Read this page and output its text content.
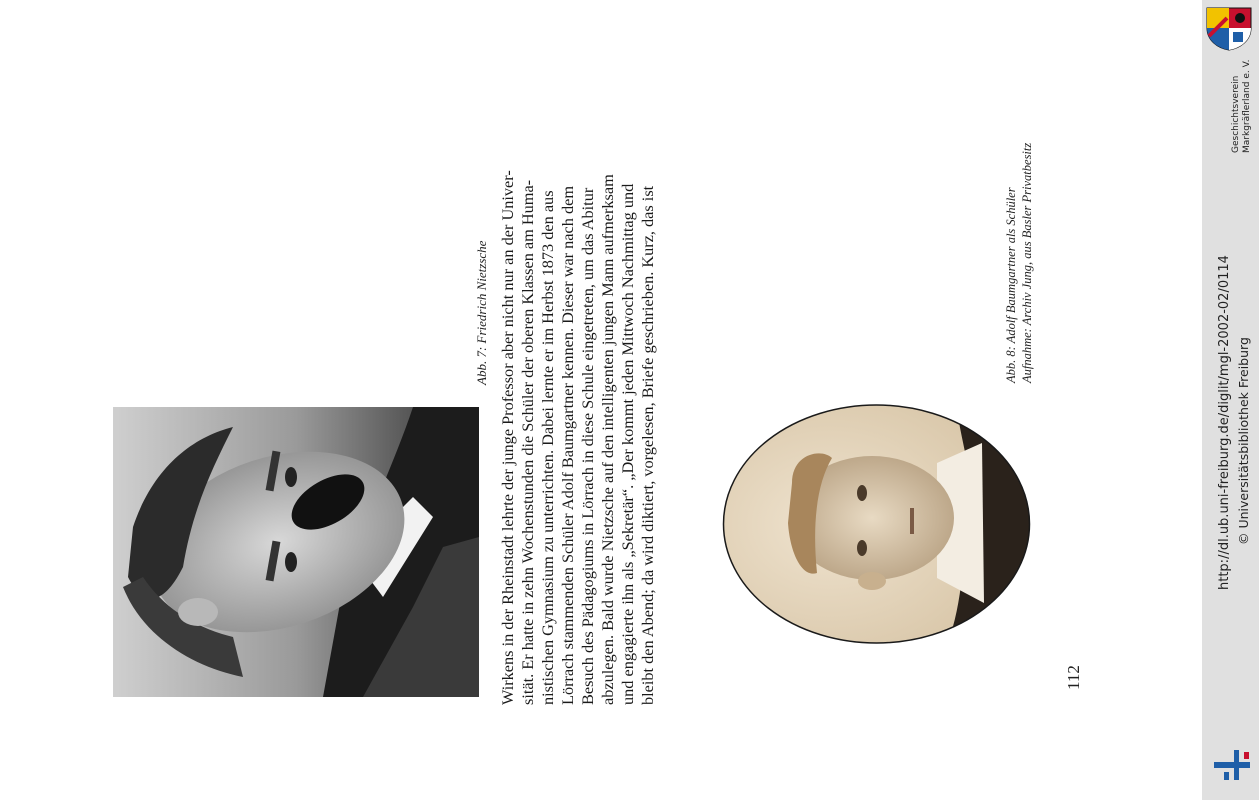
Abb. 7: Friedrich Nietzsche Wirkens in der Rheinstadt lehrte der junge Professor aber nicht nur an der Univer- sität. Er hatte in zehn Wochenstunden die Schüler der oberen Klassen am Huma- nistischen Gymnasium zu unterrichten. Dabei lernte er im Herbst 1873 den aus Lörrach stammenden Schüler Adolf Baumgartner kennen. Dieser war nach dem Besuch des Pädagogiums in Lörrach in diese Schule eingetreten, um das Abitur abzulegen. Bald wurde Nietzsche auf den intelligenten jungen Mann aufmerksam und engagierte ihn als „Sekretär“. „Der kommt jeden Mittwoch Nachmittag und bleibt den Abend; da wird diktiert, vorgelesen, Briefe geschrieben. Kurz, das ist	Abb. 8: Adolf Baumgartner als Schüler Aufnahme: Archiv Jung, aus Basler Privatbesitz
112
Geschichtsverein Markgräflerland e. V.
http://dl.ub.uni-freiburg.de/diglit/mgl-2002-02/0114 © Universitätsbibliothek Freiburg
